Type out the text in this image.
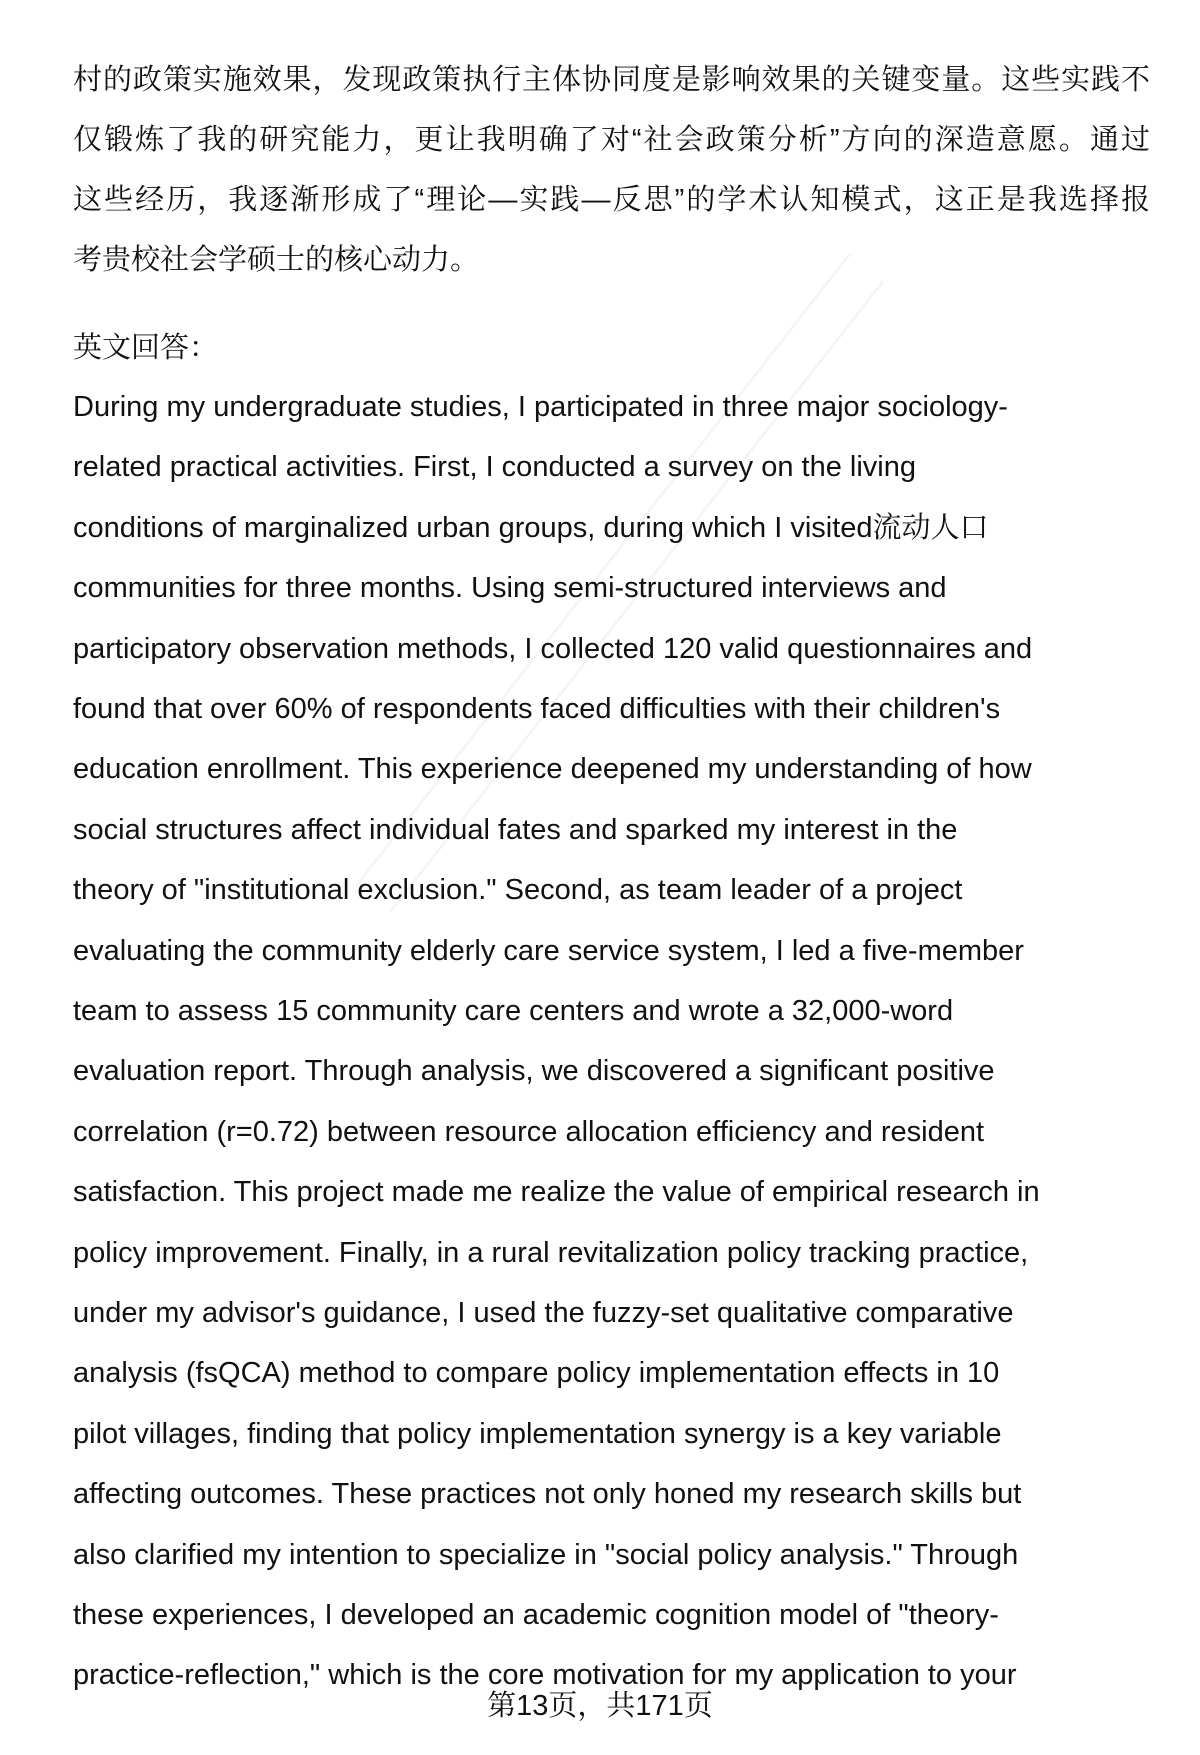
村的政策实施效果，发现政策执行主体协同度是影响效果的关键变量。这些实践不
仅锻炼了我的研究能力，更让我明确了对“社会政策分析”方向的深造意愿。通过
这些经历，我逐渐形成了“理论—实践—反思”的学术认知模式，这正是我选择报
考贵校社会学硕士的核心动力。
英文回答：
During my undergraduate studies, I participated in three major sociology-
related practical activities. First, I conducted a survey on the living
conditions of marginalized urban groups, during which I visited流动人口
communities for three months. Using semi-structured interviews and
participatory observation methods, I collected 120 valid questionnaires and
found that over 60% of respondents faced difficulties with their children's
education enrollment. This experience deepened my understanding of how
social structures affect individual fates and sparked my interest in the
theory of "institutional exclusion." Second, as team leader of a project
evaluating the community elderly care service system, I led a five-member
team to assess 15 community care centers and wrote a 32,000-word
evaluation report. Through analysis, we discovered a significant positive
correlation (r=0.72) between resource allocation efficiency and resident
satisfaction. This project made me realize the value of empirical research in
policy improvement. Finally, in a rural revitalization policy tracking practice,
under my advisor's guidance, I used the fuzzy-set qualitative comparative
analysis (fsQCA) method to compare policy implementation effects in 10
pilot villages, finding that policy implementation synergy is a key variable
affecting outcomes. These practices not only honed my research skills but
also clarified my intention to specialize in "social policy analysis." Through
these experiences, I developed an academic cognition model of "theory-
practice-reflection," which is the core motivation for my application to your
第13页，共171页
